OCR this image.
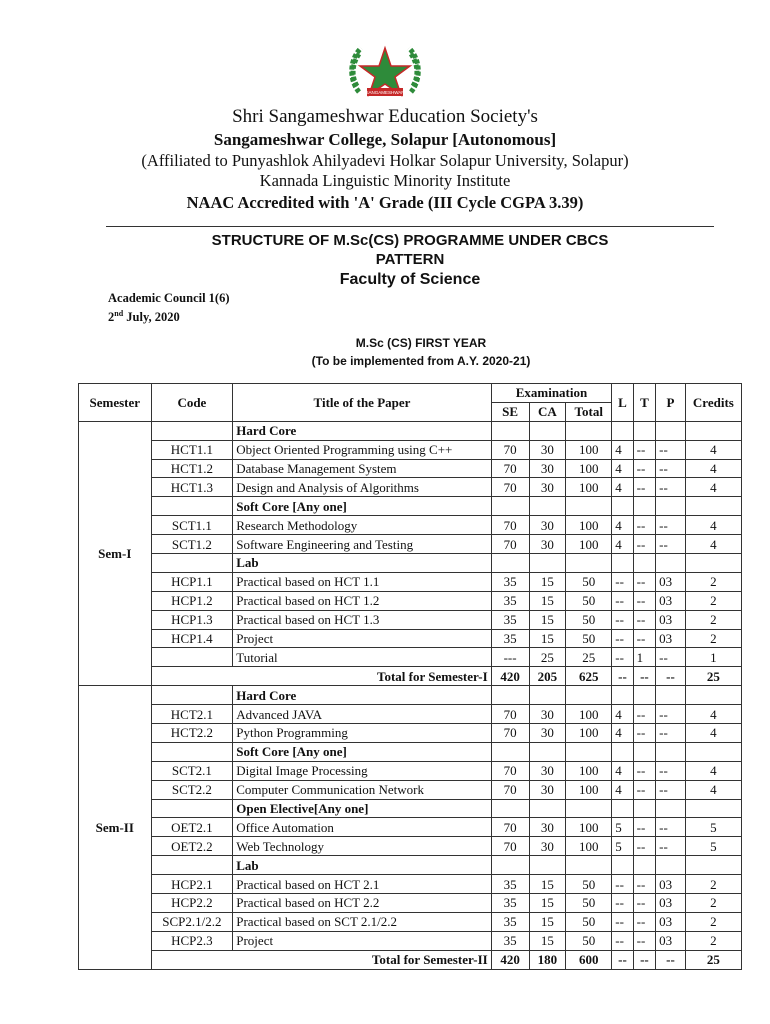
SANGAMESHWAR
Shri Sangameshwar Education Society's
Sangameshwar College, Solapur [Autonomous]
(Affiliated to Punyashlok Ahilyadevi Holkar Solapur University, Solapur)
Kannada Linguistic Minority Institute
NAAC Accredited with 'A' Grade (III Cycle CGPA 3.39)
STRUCTURE OF M.Sc(CS) PROGRAMME UNDER CBCS
PATTERN
Faculty of Science
Academic Council 1(6)
2nd July, 2020
M.Sc (CS) FIRST YEAR
(To be implemented from A.Y. 2020-21)
Semester	Code	Title of the Paper	Examination			L	T	P	Credits
			SE	CA	Total				

Sem-I		Hard Core							
	HCT1.1	Object Oriented Programming using C++	70	30	100	4	--	--	4
	HCT1.2	Database Management System	70	30	100	4	--	--	4
	HCT1.3	Design and Analysis of Algorithms	70	30	100	4	--	--	4
		Soft Core [Any one]							
	SCT1.1	Research Methodology	70	30	100	4	--	--	4
	SCT1.2	Software Engineering and Testing	70	30	100	4	--	--	4
		Lab							
	HCP1.1	Practical based on HCT 1.1	35	15	50	--	--	03	2
	HCP1.2	Practical based on HCT 1.2	35	15	50	--	--	03	2
	HCP1.3	Practical based on HCT 1.3	35	15	50	--	--	03	2
	HCP1.4	Project	35	15	50	--	--	03	2
		Tutorial	---	25	25	--	1	--	1
	Total for Semester-I		420	205	625	--	--	--	25
Sem-II		Hard Core							
	HCT2.1	Advanced JAVA	70	30	100	4	--	--	4
	HCT2.2	Python Programming	70	30	100	4	--	--	4
		Soft Core [Any one]							
	SCT2.1	Digital Image Processing	70	30	100	4	--	--	4
	SCT2.2	Computer Communication Network	70	30	100	4	--	--	4
		Open Elective[Any one]							
	OET2.1	Office Automation	70	30	100	5	--	--	5
	OET2.2	Web Technology	70	30	100	5	--	--	5
		Lab							
	HCP2.1	Practical based on HCT 2.1	35	15	50	--	--	03	2
	HCP2.2	Practical based on HCT 2.2	35	15	50	--	--	03	2
	SCP2.1/2.2	Practical based on SCT 2.1/2.2	35	15	50	--	--	03	2
	HCP2.3	Project	35	15	50	--	--	03	2
	Total for Semester-II		420	180	600	--	--	--	25
